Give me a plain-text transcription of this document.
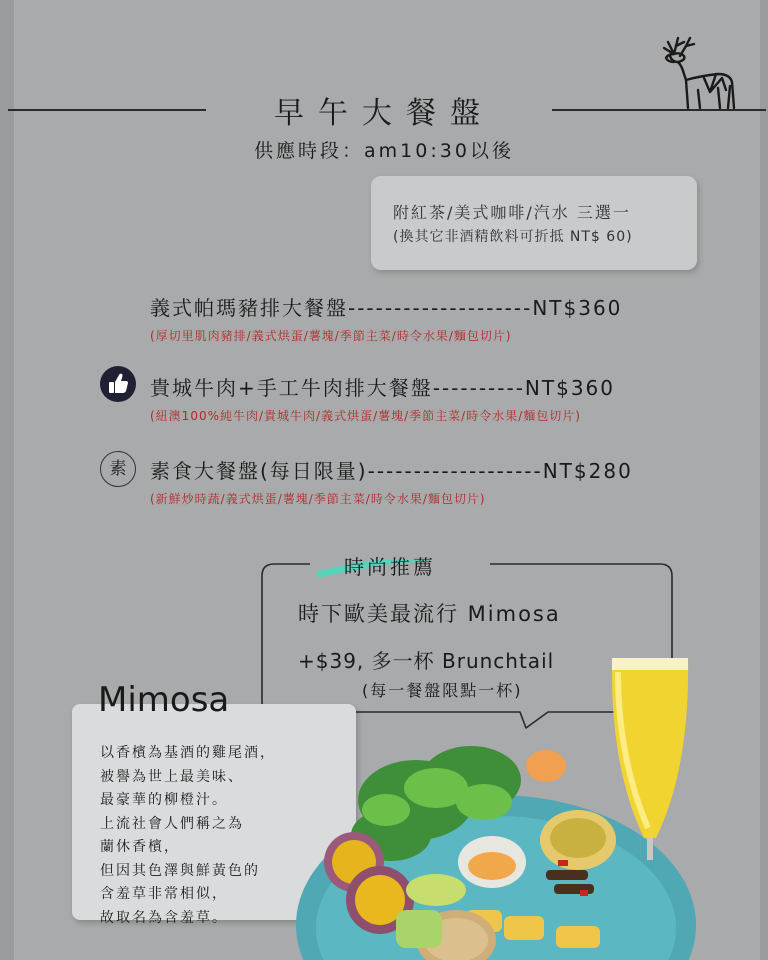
早午大餐盤
供應時段：am10:30以後
附紅茶/美式咖啡/汽水 三選一
(換其它非酒精飲料可折抵 NT$ 60)
義式帕瑪豬排大餐盤--------------------NT$360
(厚切里肌肉豬排/義式烘蛋/薯塊/季節主菜/時令水果/麵包切片)
貴城牛肉+手工牛肉排大餐盤----------NT$360
(紐澳100%純牛肉/貴城牛肉/義式烘蛋/薯塊/季節主菜/時令水果/麵包切片)
素	素食大餐盤(每日限量)-------------------NT$280
(新鮮炒時蔬/義式烘蛋/薯塊/季節主菜/時令水果/麵包切片)
時尚推薦
時下歐美最流行 Mimosa
+$39, 多一杯 Brunchtail
(每一餐盤限點一杯)
Mimosa
以香檳為基酒的雞尾酒，
被譽為世上最美味、
最豪華的柳橙汁。
上流社會人們稱之為
蘭休香檳，
但因其色澤與鮮黃色的
含羞草非常相似，
故取名為含羞草。
